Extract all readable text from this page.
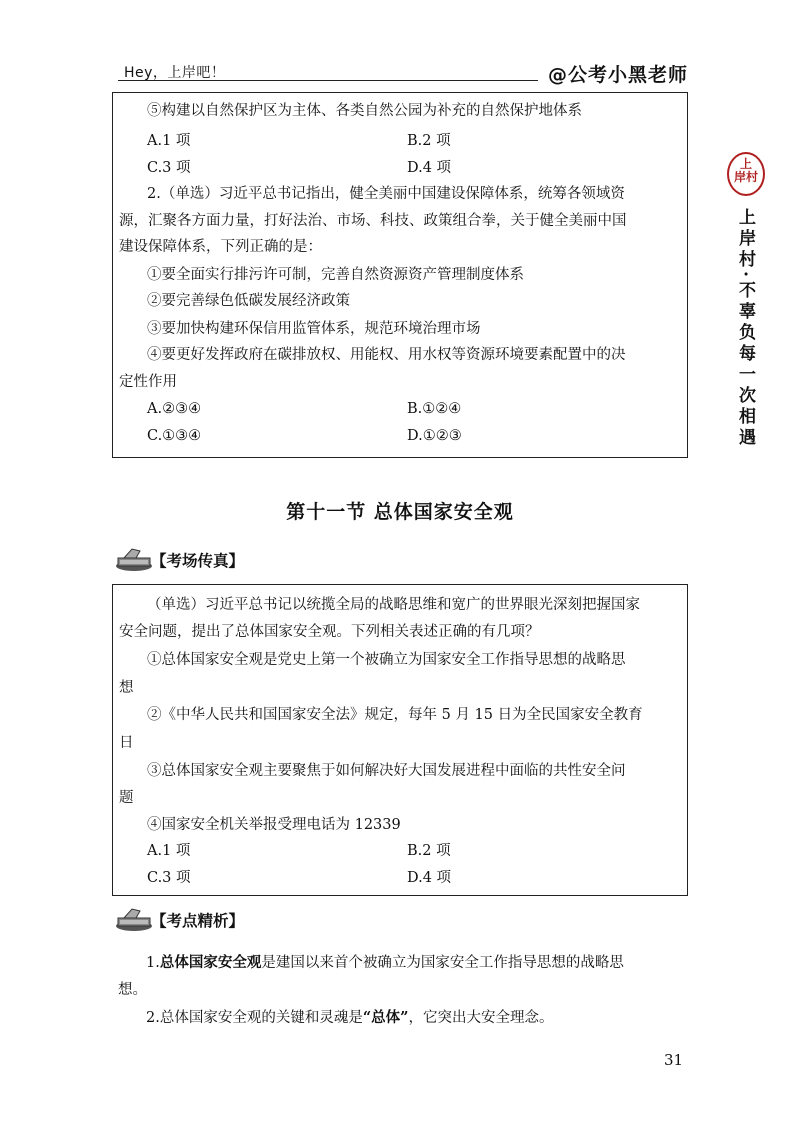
Hey，上岸吧！	@公考小黑老师
上
岸村
上岸村·不辜负每一次相遇
⑤构建以自然保护区为主体、各类自然公园为补充的自然保护地体系
A.1 项	B.2 项
C.3 项	D.4 项
2.（单选）习近平总书记指出，健全美丽中国建设保障体系，统筹各领域资
源，汇聚各方面力量，打好法治、市场、科技、政策组合拳，关于健全美丽中国
建设保障体系，下列正确的是：
①要全面实行排污许可制，完善自然资源资产管理制度体系
②要完善绿色低碳发展经济政策
③要加快构建环保信用监管体系，规范环境治理市场
④要更好发挥政府在碳排放权、用能权、用水权等资源环境要素配置中的决
定性作用
A.②③④	B.①②④
C.①③④	D.①②③
第十一节 总体国家安全观
【考场传真】
（单选）习近平总书记以统揽全局的战略思维和宽广的世界眼光深刻把握国家
安全问题，提出了总体国家安全观。下列相关表述正确的有几项？
①总体国家安全观是党史上第一个被确立为国家安全工作指导思想的战略思
想
②《中华人民共和国国家安全法》规定，每年 5 月 15 日为全民国家安全教育
日
③总体国家安全观主要聚焦于如何解决好大国发展进程中面临的共性安全问
题
④国家安全机关举报受理电话为 12339
A.1 项	B.2 项
C.3 项	D.4 项
【考点精析】
1.总体国家安全观是建国以来首个被确立为国家安全工作指导思想的战略思
想。
2.总体国家安全观的关键和灵魂是“总体”，它突出大安全理念。
31
